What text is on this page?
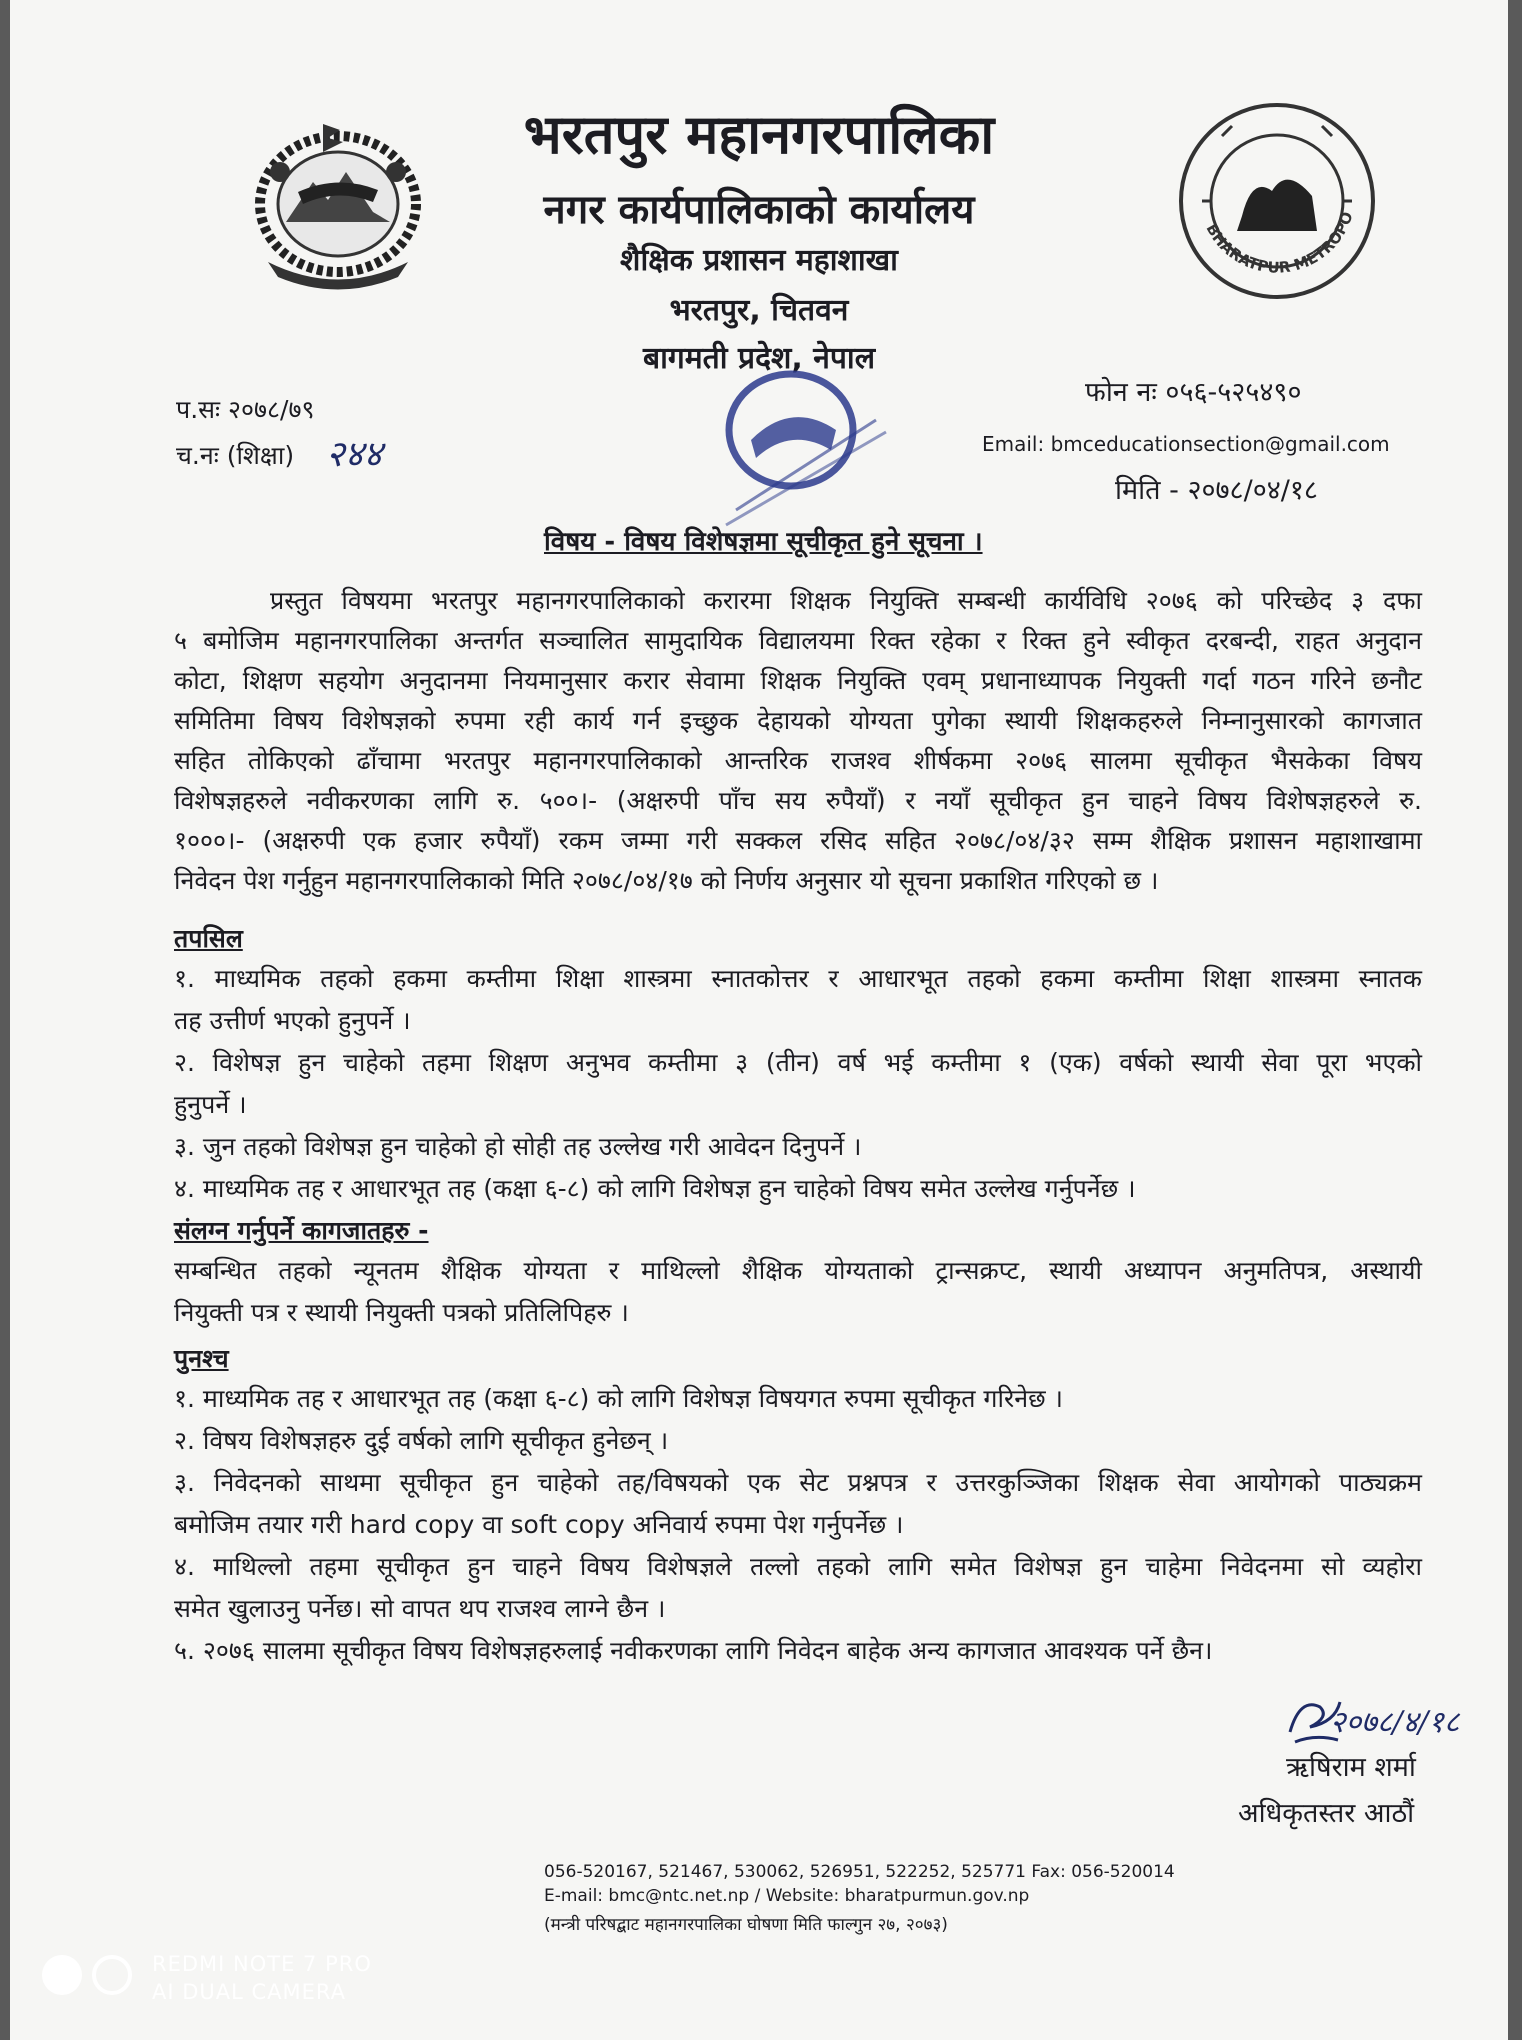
BHARATPUR METROPO
भरतपुर महानगरपालिका
नगर कार्यपालिकाको कार्यालय
शैक्षिक प्रशासन महाशाखा
भरतपुर, चितवन
बागमती प्रदेश, नेपाल
प.सः २०७८/७९
च.नः (शिक्षा) २४४
फोन नः ०५६-५२५४९०
Email: bmceducationsection@gmail.com
मिति - २०७८/०४/१८
विषय - विषय विशेषज्ञमा सूचीकृत हुने सूचना ।
प्रस्तुत विषयमा भरतपुर महानगरपालिकाको करारमा शिक्षक नियुक्ति सम्बन्धी कार्यविधि २०७६ को परिच्छेद ३ दफा
५ बमोजिम महानगरपालिका अन्तर्गत सञ्चालित सामुदायिक विद्यालयमा रिक्त रहेका र रिक्त हुने स्वीकृत दरबन्दी, राहत अनुदान
कोटा, शिक्षण सहयोग अनुदानमा नियमानुसार करार सेवामा शिक्षक नियुक्ति एवम् प्रधानाध्यापक नियुक्ती गर्दा गठन गरिने छनौट
समितिमा विषय विशेषज्ञको रुपमा रही कार्य गर्न इच्छुक देहायको योग्यता पुगेका स्थायी शिक्षकहरुले निम्नानुसारको कागजात
सहित तोकिएको ढाँचामा भरतपुर महानगरपालिकाको आन्तरिक राजश्व शीर्षकमा २०७६ सालमा सूचीकृत भैसकेका विषय
विशेषज्ञहरुले नवीकरणका लागि रु. ५००।- (अक्षरुपी पाँच सय रुपैयाँ) र नयाँ सूचीकृत हुन चाहने विषय विशेषज्ञहरुले रु.
१०००।- (अक्षरुपी एक हजार रुपैयाँ) रकम जम्मा गरी सक्कल रसिद सहित २०७८/०४/३२ सम्म शैक्षिक प्रशासन महाशाखामा
निवेदन पेश गर्नुहुन महानगरपालिकाको मिति २०७८/०४/१७ को निर्णय अनुसार यो सूचना प्रकाशित गरिएको छ ।
तपसिल
१. माध्यमिक तहको हकमा कम्तीमा शिक्षा शास्त्रमा स्नातकोत्तर र आधारभूत तहको हकमा कम्तीमा शिक्षा शास्त्रमा स्नातक
तह उत्तीर्ण भएको हुनुपर्ने ।
२. विशेषज्ञ हुन चाहेको तहमा शिक्षण अनुभव कम्तीमा ३ (तीन) वर्ष भई कम्तीमा १ (एक) वर्षको स्थायी सेवा पूरा भएको
हुनुपर्ने ।
३. जुन तहको विशेषज्ञ हुन चाहेको हो सोही तह उल्लेख गरी आवेदन दिनुपर्ने ।
४. माध्यमिक तह र आधारभूत तह (कक्षा ६-८) को लागि विशेषज्ञ हुन चाहेको विषय समेत उल्लेख गर्नुपर्नेछ ।
संलग्न गर्नुपर्ने कागजातहरु -
सम्बन्धित तहको न्यूनतम शैक्षिक योग्यता र माथिल्लो शैक्षिक योग्यताको ट्रान्सक्रप्ट, स्थायी अध्यापन अनुमतिपत्र, अस्थायी
नियुक्ती पत्र र स्थायी नियुक्ती पत्रको प्रतिलिपिहरु ।
पुनश्च
१. माध्यमिक तह र आधारभूत तह (कक्षा ६-८) को लागि विशेषज्ञ विषयगत रुपमा सूचीकृत गरिनेछ ।
२. विषय विशेषज्ञहरु दुई वर्षको लागि सूचीकृत हुनेछन् ।
३. निवेदनको साथमा सूचीकृत हुन चाहेको तह/विषयको एक सेट प्रश्नपत्र र उत्तरकुञ्जिका शिक्षक सेवा आयोगको पाठ्यक्रम
बमोजिम तयार गरी hard copy वा soft copy अनिवार्य रुपमा पेश गर्नुपर्नेछ ।
४. माथिल्लो तहमा सूचीकृत हुन चाहने विषय विशेषज्ञले तल्लो तहको लागि समेत विशेषज्ञ हुन चाहेमा निवेदनमा सो व्यहोरा
समेत खुलाउनु पर्नेछ। सो वापत थप राजश्व लाग्ने छैन ।
५. २०७६ सालमा सूचीकृत विषय विशेषज्ञहरुलाई नवीकरणका लागि निवेदन बाहेक अन्य कागजात आवश्यक पर्ने छैन।
२०७८/४/१८
ऋषिराम शर्मा
अधिकृतस्तर आठौं
056-520167, 521467, 530062, 526951, 522252, 525771 Fax: 056-520014
E-mail: bmc@ntc.net.np / Website: bharatpurmun.gov.np
(मन्त्री परिषद्बाट महानगरपालिका घोषणा मिति फाल्गुन २७, २०७३)
REDMI NOTE 7 PRO
AI DUAL CAMERA
